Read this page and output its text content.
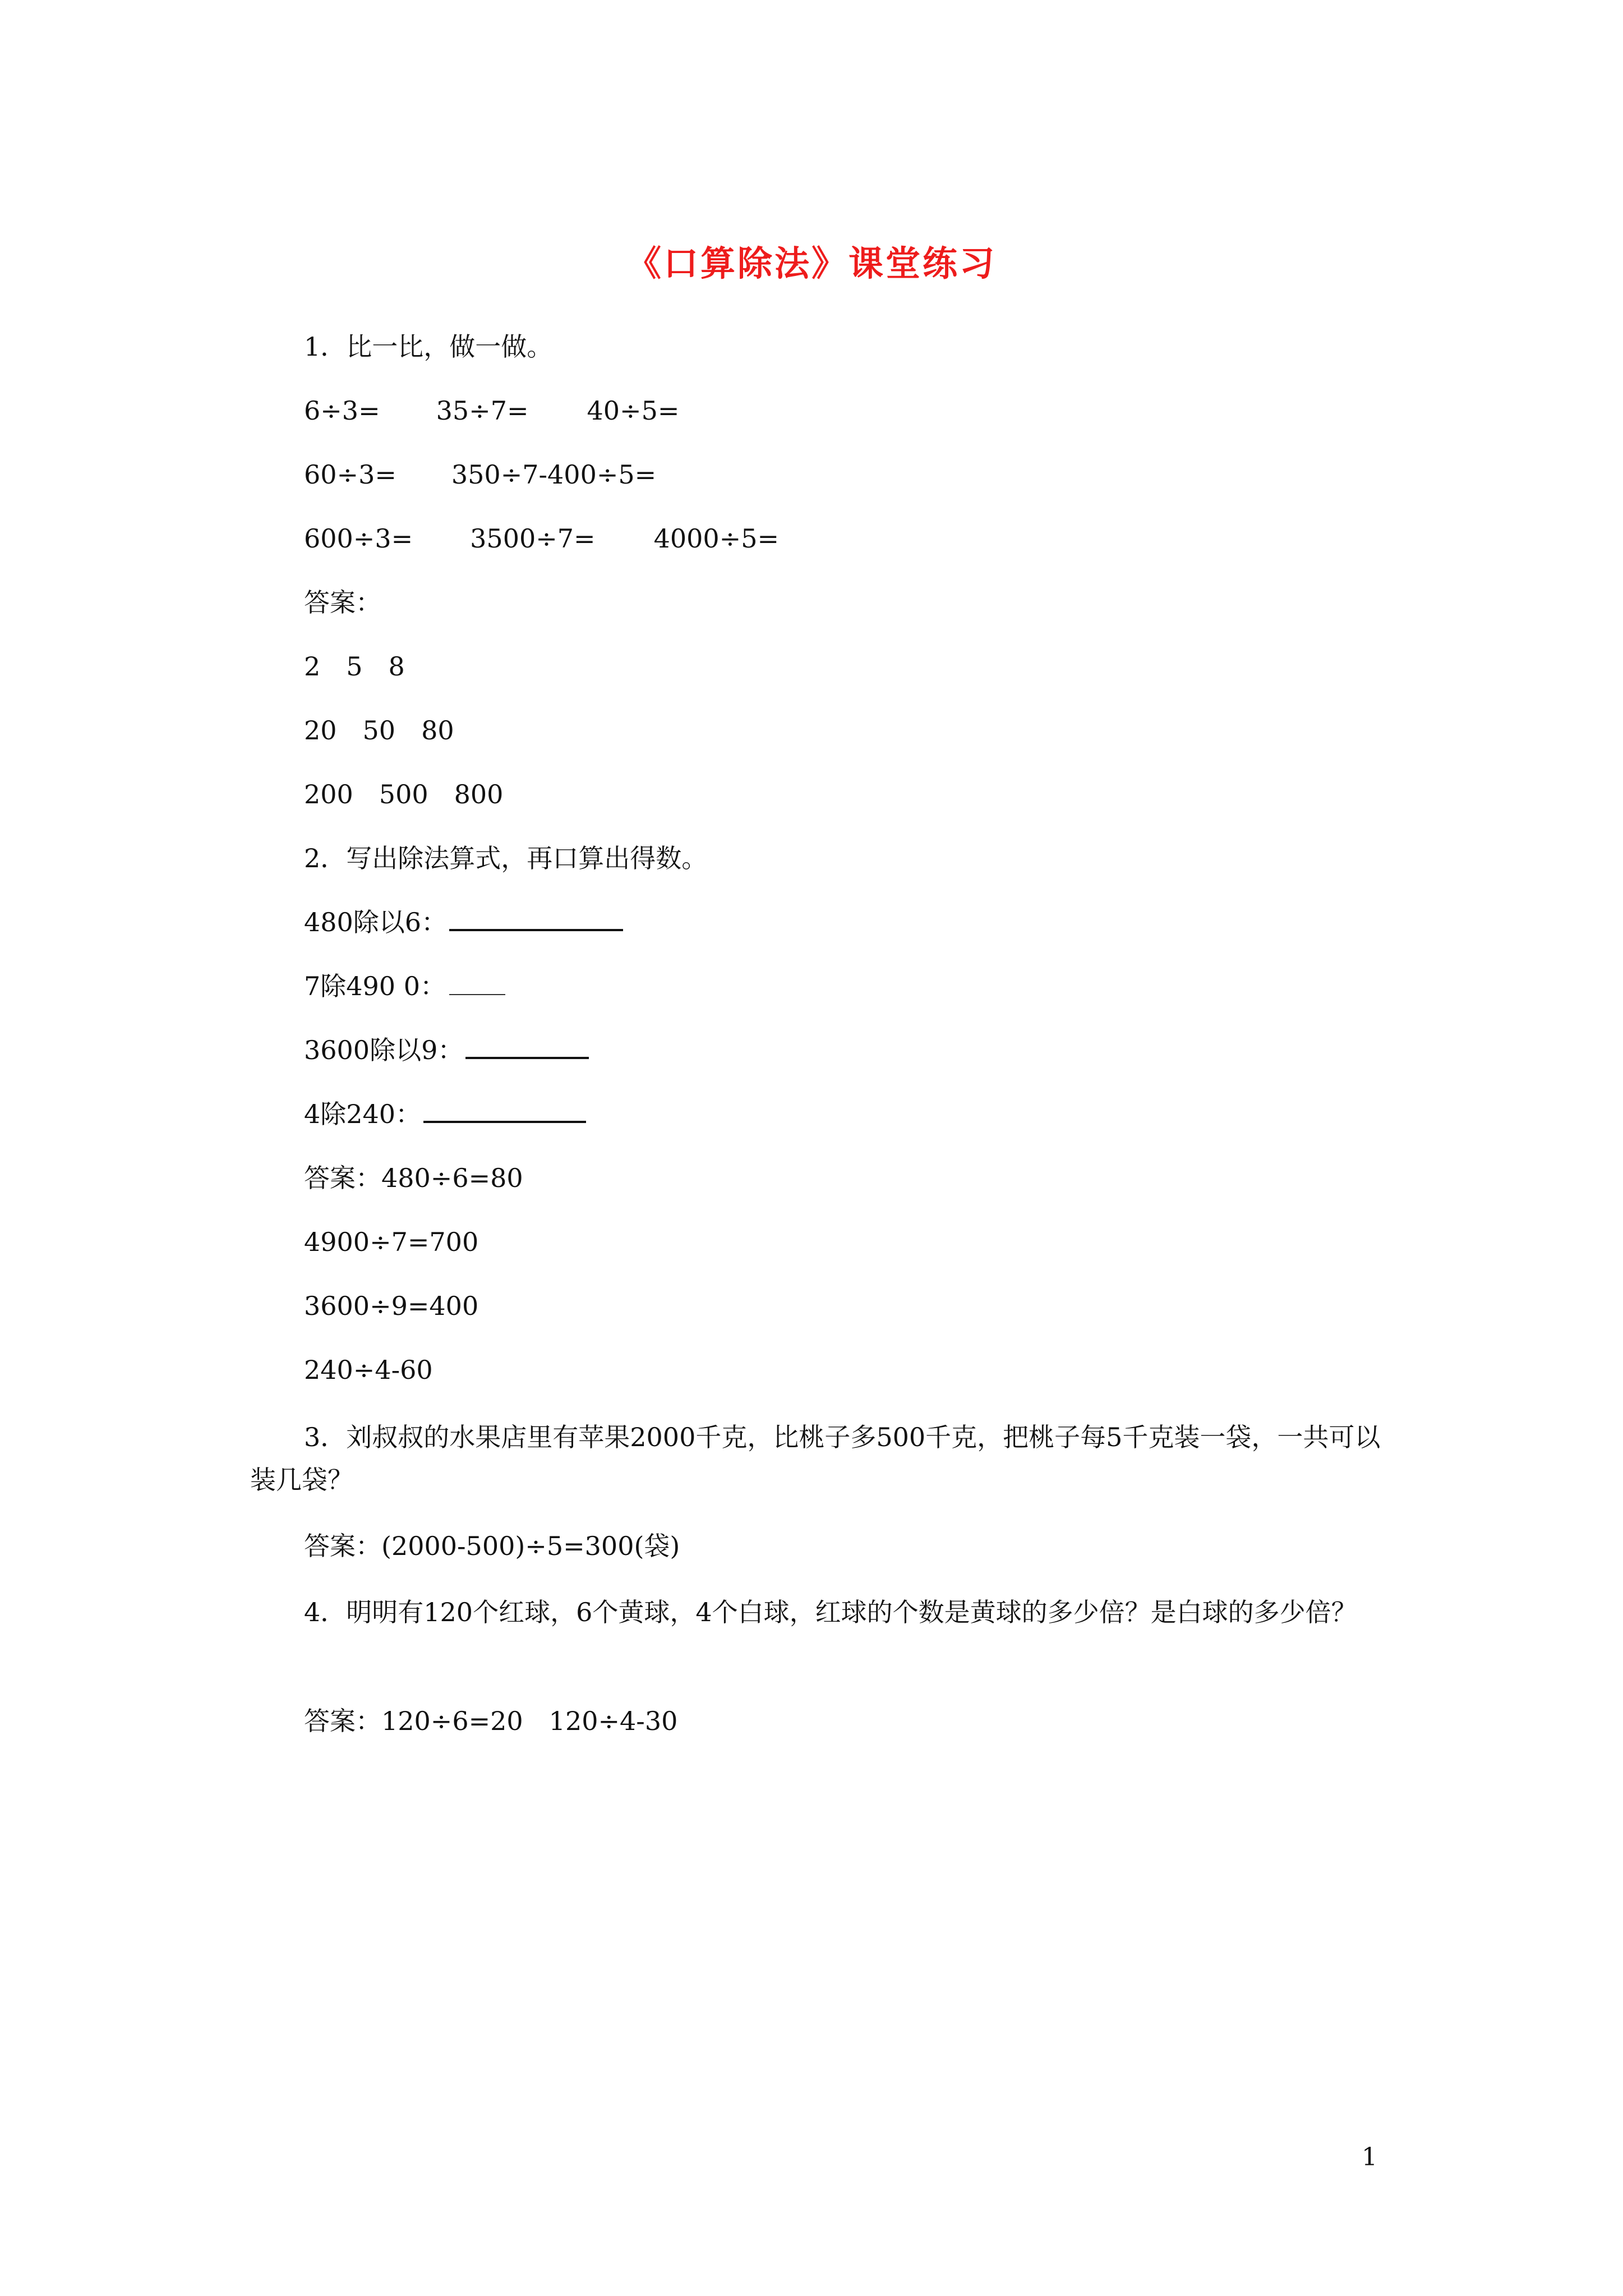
《口算除法》课堂练习
1．比一比，做一做。
6÷3= 35÷7= 40÷5=
60÷3= 350÷7-400÷5=
600÷3= 3500÷7= 4000÷5=
答案：
2　5　8
20　50　80
200　500　800
2．写出除法算式，再口算出得数。
480除以6：
7除490 0：
3600除以9：
4除240：
答案：480÷6=80
4900÷7=700
3600÷9=400
240÷4-60
3．刘叔叔的水果店里有苹果2000千克，比桃子多500千克，把桃子每5千克装一袋，一共可以装几袋？
答案：(2000-500)÷5=300(袋)
4．明明有120个红球，6个黄球，4个白球，红球的个数是黄球的多少倍？是白球的多少倍？
答案：120÷6=20　120÷4-30
1
